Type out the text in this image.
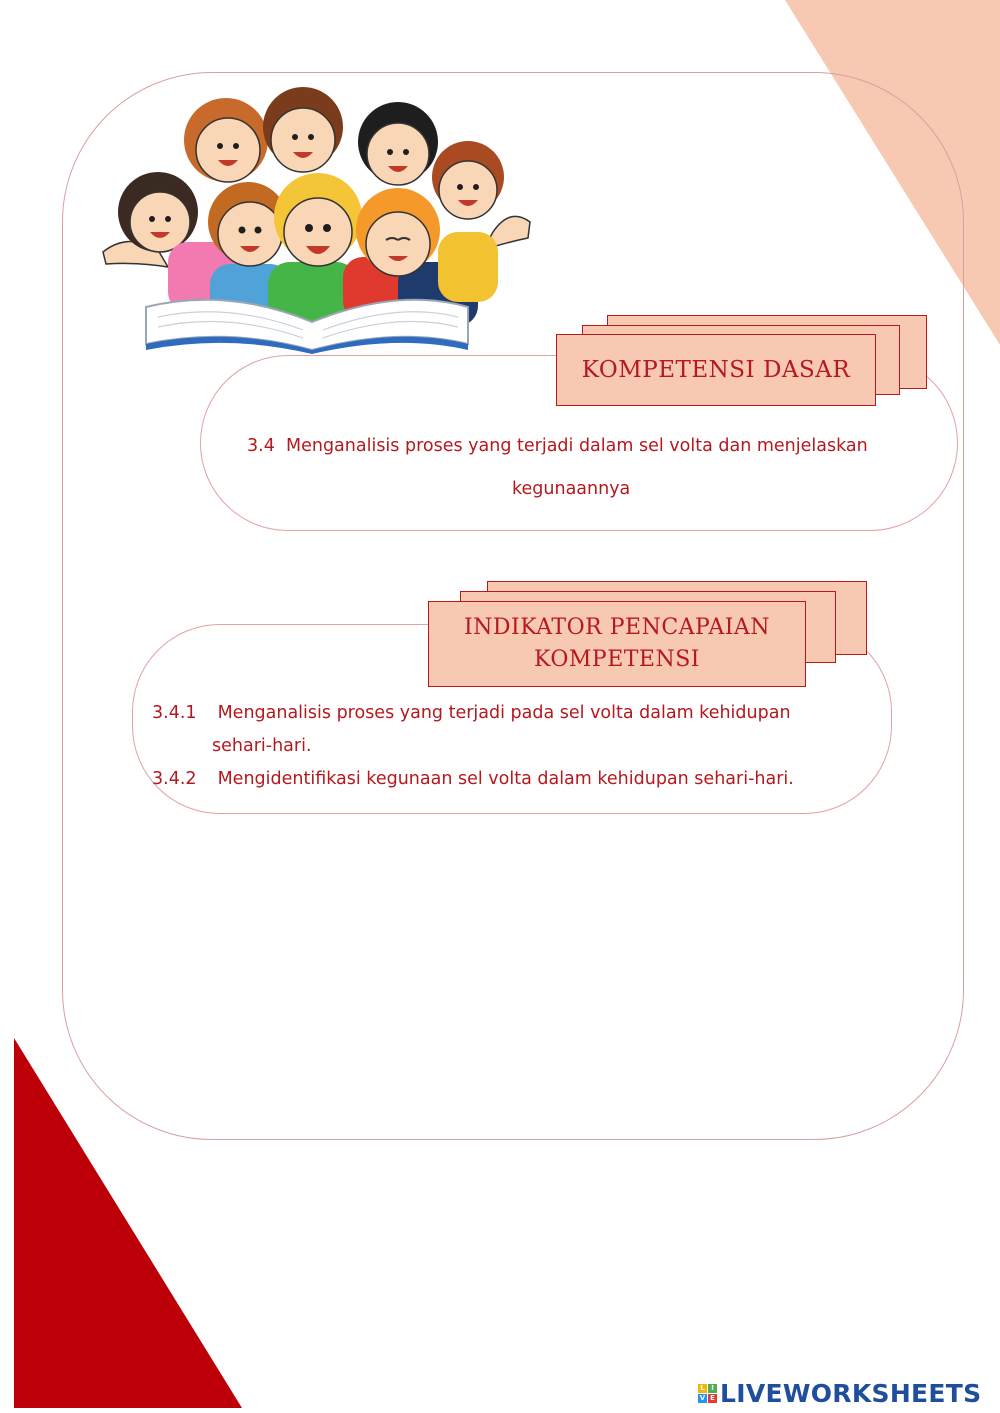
KOMPETENSI DASAR
3.4 Menganalisis proses yang terjadi dalam sel volta dan menjelaskan
kegunaannya
INDIKATOR PENCAPAIAN
KOMPETENSI
3.4.1 Menganalisis proses yang terjadi pada sel volta dalam kehidupan
sehari-hari.
3.4.2 Mengidentifikasi kegunaan sel volta dalam kehidupan sehari-hari.
L I
V E LIVEWORKSHEETS
